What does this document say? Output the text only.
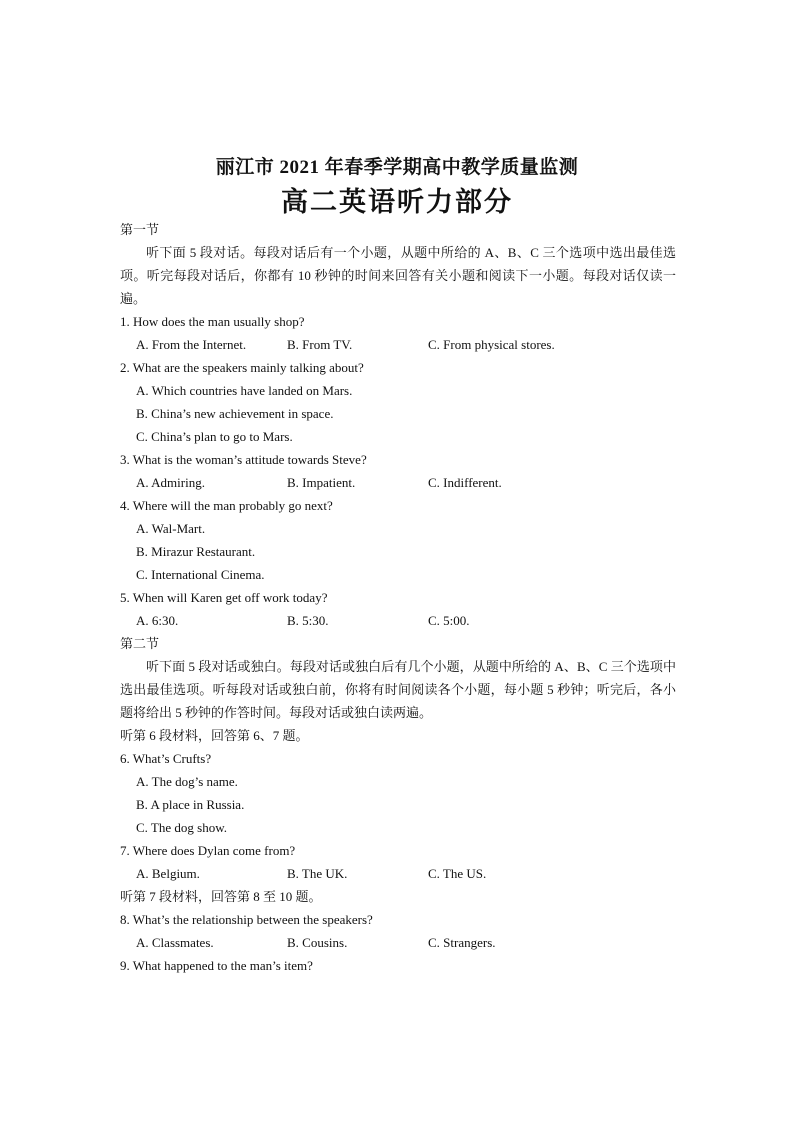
丽江市 2021 年春季学期高中教学质量监测
高二英语听力部分
第一节
听下面 5 段对话。每段对话后有一个小题，从题中所给的 A、B、C 三个选项中选出最佳选项。听完每段对话后，你都有 10 秒钟的时间来回答有关小题和阅读下一小题。每段对话仅读一遍。
1. How does the man usually shop?
A. From the Internet.	B. From TV.	C. From physical stores.
2. What are the speakers mainly talking about?
A. Which countries have landed on Mars.
B. China’s new achievement in space.
C. China’s plan to go to Mars.
3. What is the woman’s attitude towards Steve?
A. Admiring.	B. Impatient.	C. Indifferent.
4. Where will the man probably go next?
A. Wal-Mart.
B. Mirazur Restaurant.
C. International Cinema.
5. When will Karen get off work today?
A. 6:30.	B. 5:30.	C. 5:00.
第二节
听下面 5 段对话或独白。每段对话或独白后有几个小题，从题中所给的 A、B、C 三个选项中选出最佳选项。听每段对话或独白前，你将有时间阅读各个小题，每小题 5 秒钟；听完后，各小题将给出 5 秒钟的作答时间。每段对话或独白读两遍。
听第 6 段材料，回答第 6、7 题。
6. What’s Crufts?
A. The dog’s name.
B. A place in Russia.
C. The dog show.
7. Where does Dylan come from?
A. Belgium.	B. The UK.	C. The US.
听第 7 段材料，回答第 8 至 10 题。
8. What’s the relationship between the speakers?
A. Classmates.	B. Cousins.	C. Strangers.
9. What happened to the man’s item?
